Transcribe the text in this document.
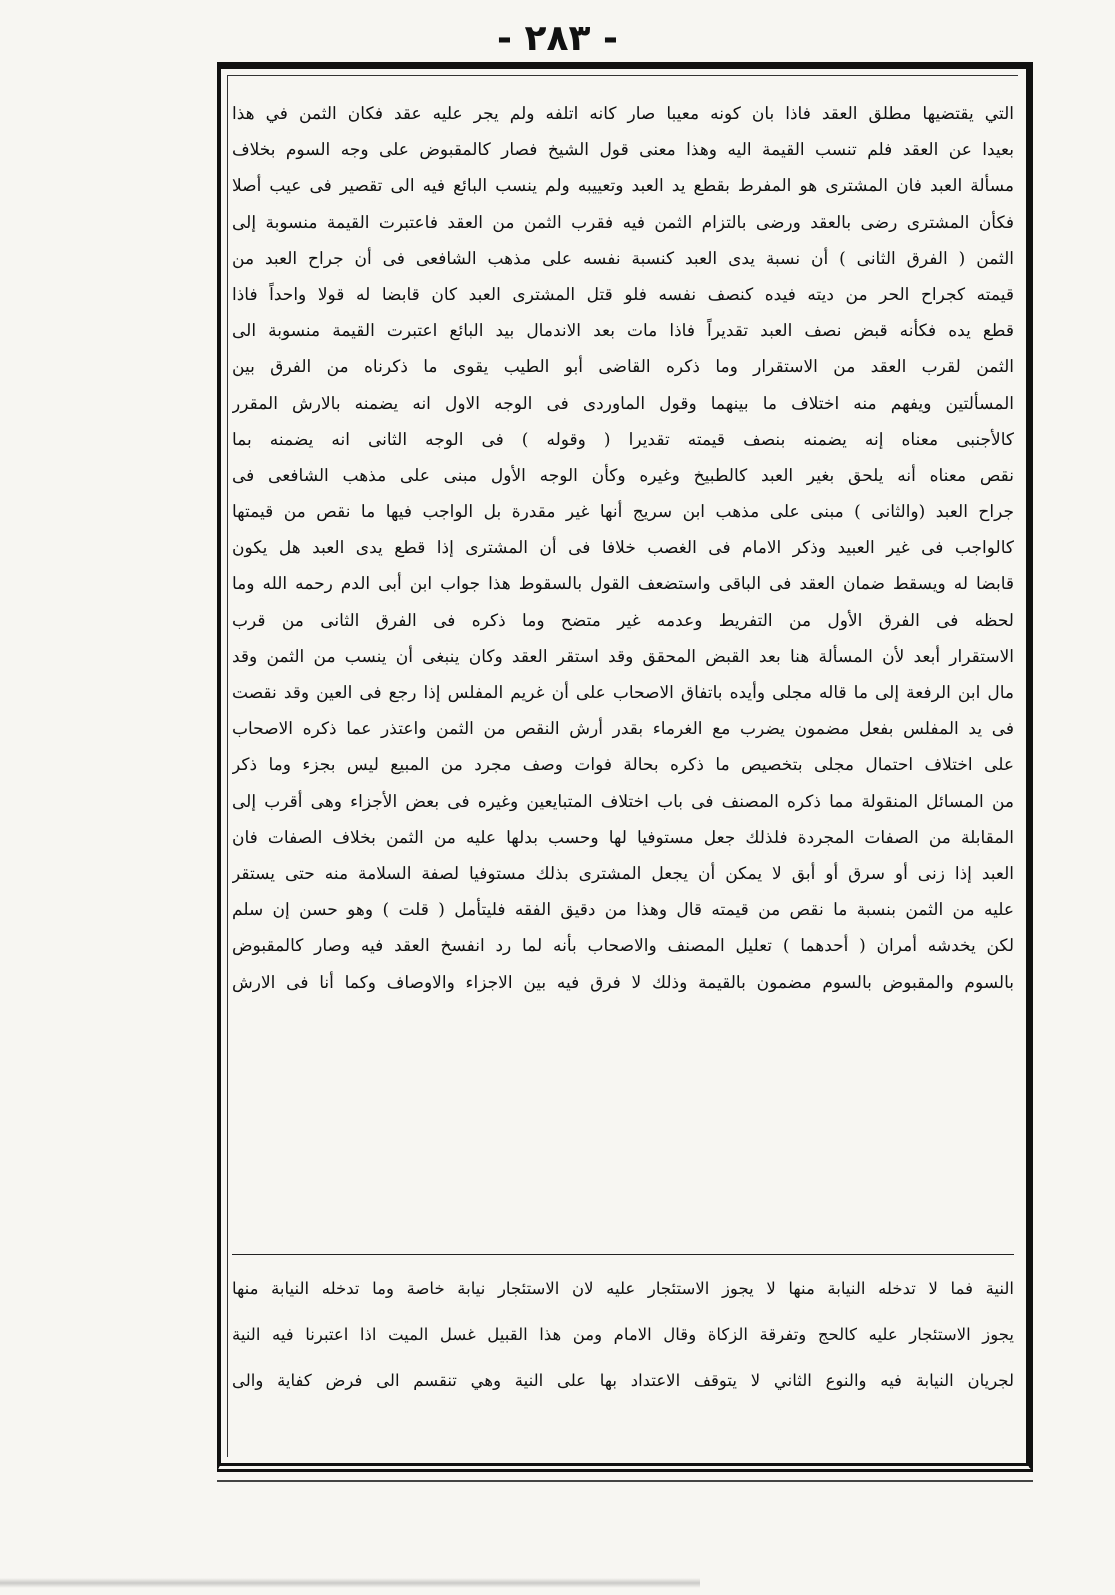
- ٢٨٣ -
التي يقتضيها مطلق العقد فاذا بان كونه معيبا صار كانه اتلفه ولم يجر عليه عقد فكان الثمن في هذا
بعيدا عن العقد فلم تنسب القيمة اليه وهذا معنى قول الشيخ فصار كالمقبوض على وجه السوم بخلاف
مسألة العبد فان المشترى هو المفرط بقطع يد العبد وتعييبه ولم ينسب البائع فيه الى تقصير فى عيب أصلا
فكأن المشترى رضى بالعقد ورضى بالتزام الثمن فيه فقرب الثمن من العقد فاعتبرت القيمة منسوبة إلى
الثمن ( الفرق الثانى ) أن نسبة يدى العبد كنسبة نفسه على مذهب الشافعى فى أن جراح العبد من
قيمته كجراح الحر من ديته فيده كنصف نفسه فلو قتل المشترى العبد كان قابضا له قولا واحداً فاذا
قطع يده فكأنه قبض نصف العبد تقديراً فاذا مات بعد الاندمال بيد البائع اعتبرت القيمة منسوبة الى
الثمن لقرب العقد من الاستقرار وما ذكره القاضى أبو الطيب يقوى ما ذكرناه من الفرق بين
المسألتين ويفهم منه اختلاف ما بينهما وقول الماوردى فى الوجه الاول انه يضمنه بالارش المقرر
كالأجنبى معناه إنه يضمنه بنصف قيمته تقديرا ( وقوله ) فى الوجه الثانى انه يضمنه بما
نقص معناه أنه يلحق بغير العبد كالطبيخ وغيره وكأن الوجه الأول مبنى على مذهب الشافعى فى
جراح العبد (والثانى ) مبنى على مذهب ابن سريج أنها غير مقدرة بل الواجب فيها ما نقص من قيمتها
كالواجب فى غير العبيد وذكر الامام فى الغصب خلافا فى أن المشترى إذا قطع يدى العبد هل يكون
قابضا له ويسقط ضمان العقد فى الباقى واستضعف القول بالسقوط هذا جواب ابن أبى الدم رحمه الله وما
لحظه فى الفرق الأول من التفريط وعدمه غير متضح وما ذكره فى الفرق الثانى من قرب
الاستقرار أبعد لأن المسألة هنا بعد القبض المحقق وقد استقر العقد وكان ينبغى أن ينسب من الثمن وقد
مال ابن الرفعة إلى ما قاله مجلى وأيده باتفاق الاصحاب على أن غريم المفلس إذا رجع فى العين وقد نقصت
فى يد المفلس بفعل مضمون يضرب مع الغرماء بقدر أرش النقص من الثمن واعتذر عما ذكره الاصحاب
على اختلاف احتمال مجلى بتخصيص ما ذكره بحالة فوات وصف مجرد من المبيع ليس بجزء وما ذكر
من المسائل المنقولة مما ذكره المصنف فى باب اختلاف المتبايعين وغيره فى بعض الأجزاء وهى أقرب إلى
المقابلة من الصفات المجردة فلذلك جعل مستوفيا لها وحسب بدلها عليه من الثمن بخلاف الصفات فان
العبد إذا زنى أو سرق أو أبق لا يمكن أن يجعل المشترى بذلك مستوفيا لصفة السلامة منه حتى يستقر
عليه من الثمن بنسبة ما نقص من قيمته قال وهذا من دقيق الفقه فليتأمل ( قلت ) وهو حسن إن سلم
لكن يخدشه أمران ( أحدهما ) تعليل المصنف والاصحاب بأنه لما رد انفسخ العقد فيه وصار كالمقبوض
بالسوم والمقبوض بالسوم مضمون بالقيمة وذلك لا فرق فيه بين الاجزاء والاوصاف وكما أنا فى الارش
النية فما لا تدخله النيابة منها لا يجوز الاستئجار عليه لان الاستئجار نيابة خاصة وما تدخله النيابة منها
يجوز الاستئجار عليه كالحج وتفرقة الزكاة وقال الامام ومن هذا القبيل غسل الميت اذا اعتبرنا فيه النية
لجريان النيابة فيه والنوع الثاني لا يتوقف الاعتداد بها على النية وهي تنقسم الى فرض كفاية والى
